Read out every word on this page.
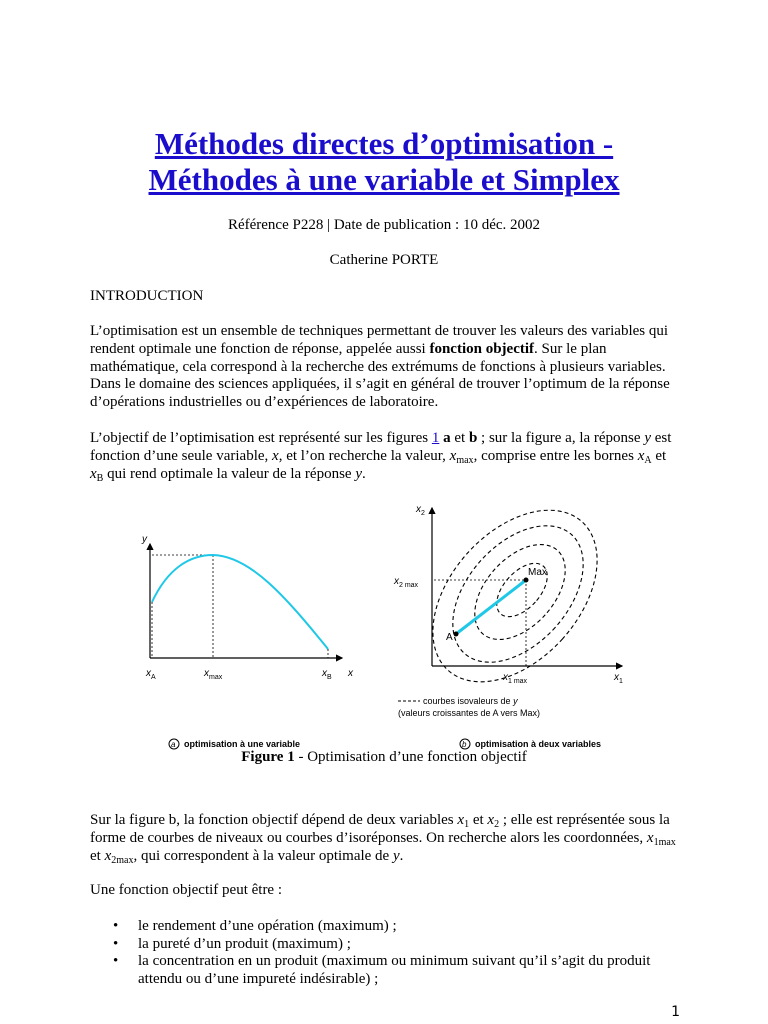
Méthodes directes d’optimisation -
Méthodes à une variable et Simplex
Référence P228 | Date de publication : 10 déc. 2002
Catherine PORTE
INTRODUCTION
L’optimisation est un ensemble de techniques permettant de trouver les valeurs des variables qui rendent optimale une fonction de réponse, appelée aussi fonction objectif. Sur le plan mathématique, cela correspond à la recherche des extrémums de fonctions à plusieurs variables. Dans le domaine des sciences appliquées, il s’agit en général de trouver l’optimum de la réponse d’opérations industrielles ou d’expériences de laboratoire.
L’objectif de l’optimisation est représenté sur les figures 1 a et b ; sur la figure a, la réponse y est fonction d’une seule variable, x, et l’on recherche la valeur, $x_{max}$, comprise entre les bornes $x_A$ et $x_B$ qui rend optimale la valeur de la réponse y.
y
$x_A$	$x_{max}$	$x_B$ x
a optimisation à une variable
Max
A
$x_2$
$x_{2 max}$
$x_{1 max}$	$x_1$
courbes isovaleurs de y
(valeurs croissantes de A vers Max)
b optimisation à deux variables
Figure 1 - Optimisation d’une fonction objectif
Sur la figure b, la fonction objectif dépend de deux variables $x_1$ et $x_2$ ; elle est représentée sous la forme de courbes de niveaux ou courbes d’isoréponses. On recherche alors les coordonnées, $x_{1max}$ et $x_{2max}$, qui correspondent à la valeur optimale de y.
Une fonction objectif peut être :
• le rendement d’une opération (maximum) ;
• la pureté d’un produit (maximum) ;
• la concentration en un produit (maximum ou minimum suivant qu’il s’agit du produit attendu ou d’une impureté indésirable) ;
1
